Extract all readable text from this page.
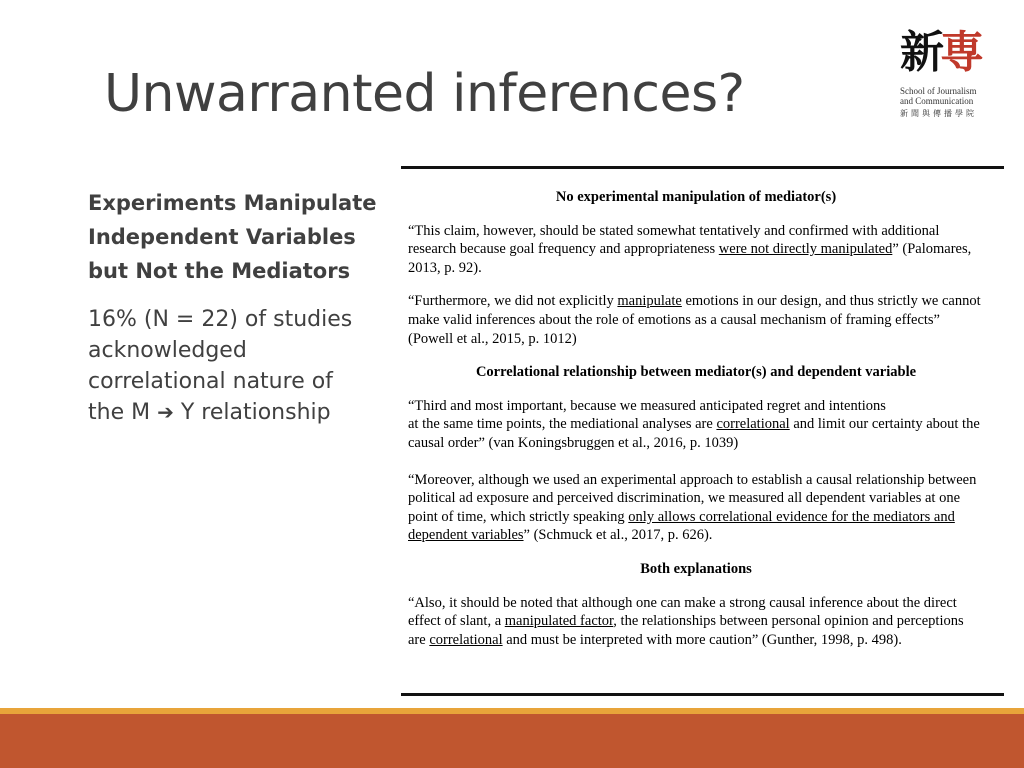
Unwarranted inferences?
新 専
School of Journalism
and Communication
新聞與傳播學院

Experiments Manipulate Independent Variables but Not the Mediators

16% (N = 22) of studies acknowledged correlational nature of the M ➔ Y relationship

No experimental manipulation of mediator(s)

“This claim, however, should be stated somewhat tentatively and confirmed with additional research because goal frequency and appropriateness were not directly manipulated” (Palomares, 2013, p. 92).

“Furthermore, we did not explicitly manipulate emotions in our design, and thus strictly we cannot make valid inferences about the role of emotions as a causal mechanism of framing effects” (Powell et al., 2015, p. 1012)

Correlational relationship between mediator(s) and dependent variable

“Third and most important, because we measured anticipated regret and intentions
at the same time points, the mediational analyses are correlational and limit our certainty about the causal order” (van Koningsbruggen et al., 2016, p. 1039)

“Moreover, although we used an experimental approach to establish a causal relationship between political ad exposure and perceived discrimination, we measured all dependent variables at one point of time, which strictly speaking only allows correlational evidence for the mediators and dependent variables” (Schmuck et al., 2017, p. 626).

Both explanations

“Also, it should be noted that although one can make a strong causal inference about the direct effect of slant, a manipulated factor, the relationships between personal opinion and perceptions are correlational and must be interpreted with more caution” (Gunther, 1998, p. 498).
